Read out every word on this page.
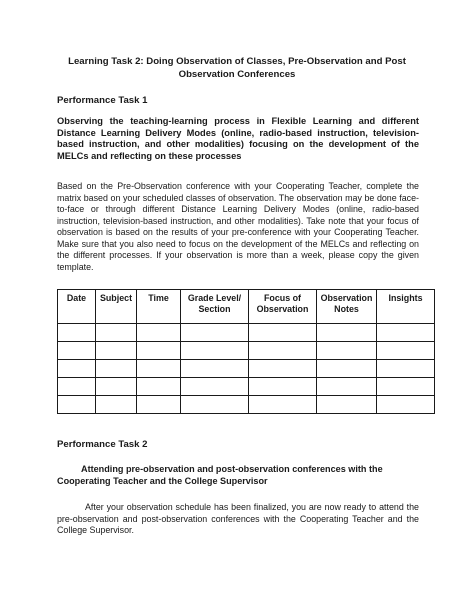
Learning Task 2: Doing Observation of Classes, Pre-Observation and Post
Observation Conferences

Performance Task 1

Observing the teaching-learning process in Flexible Learning and different Distance Learning Delivery Modes (online, radio-based instruction, television-based instruction, and other modalities) focusing on the development of the MELCs and reflecting on these processes

Based on the Pre-Observation conference with your Cooperating Teacher, complete the matrix based on your scheduled classes of observation. The observation may be done face-to-face or through different Distance Learning Delivery Modes (online, radio-based instruction, television-based instruction, and other modalities). Take note that your focus of observation is based on the results of your pre-conference with your Cooperating Teacher. Make sure that you also need to focus on the development of the MELCs and reflecting on the different processes. If your observation is more than a week, please copy the given template.

Date	Subject	Time	Grade Level/ Section	Focus of Observation	Observation Notes	Insights

Performance Task 2

Attending pre-observation and post-observation conferences with the Cooperating Teacher and the College Supervisor

After your observation schedule has been finalized, you are now ready to attend the pre-observation and post-observation conferences with the Cooperating Teacher and the College Supervisor.
